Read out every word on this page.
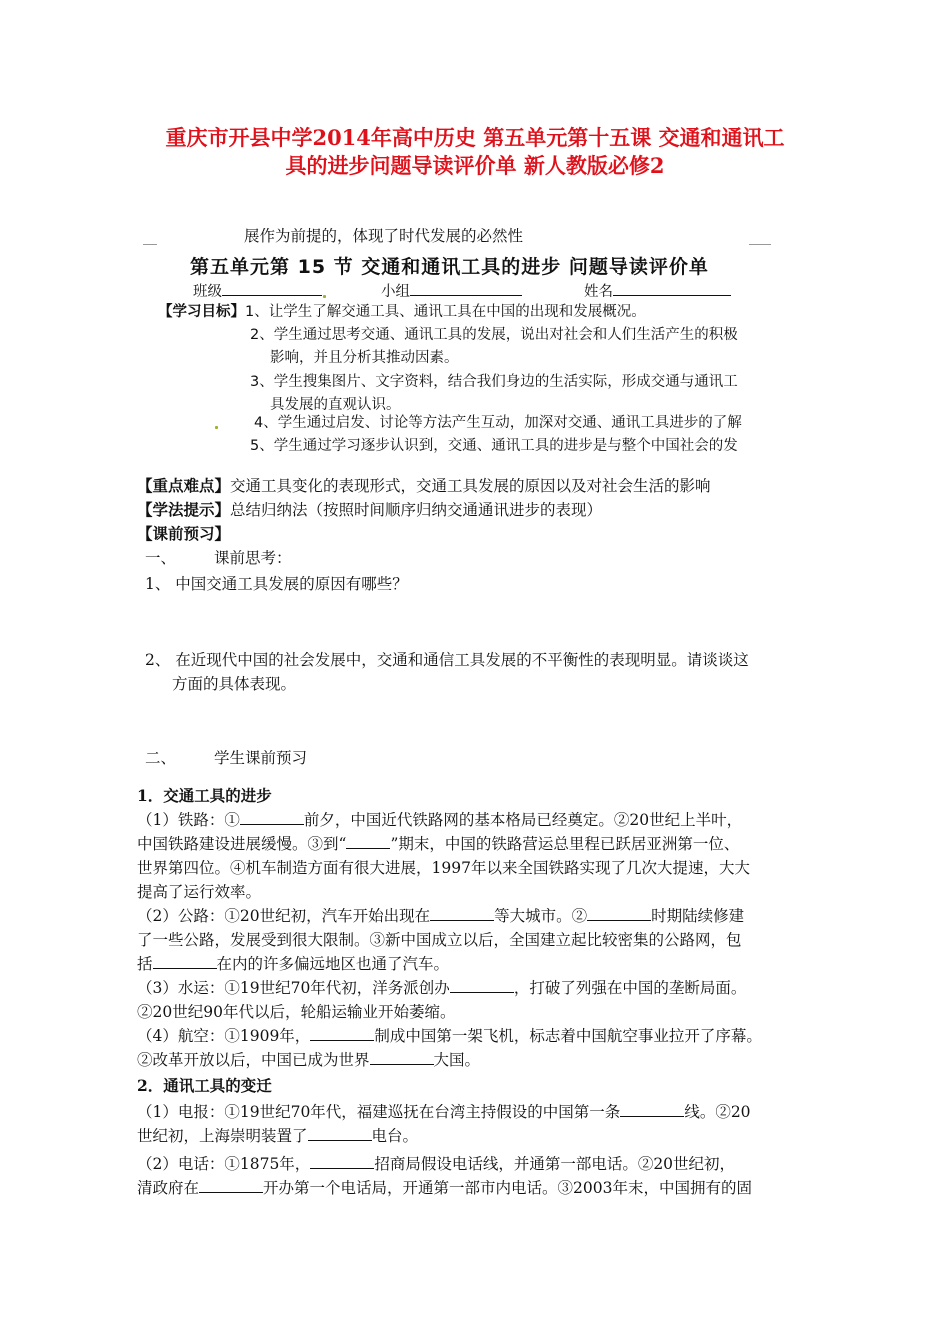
重庆市开县中学2014年高中历史 第五单元第十五课 交通和通讯工
具的进步问题导读评价单 新人教版必修2
展作为前提的，体现了时代发展的必然性
第五单元第 15 节 交通和通讯工具的进步 问题导读评价单
班级	小组	姓名
【学习目标】1、让学生了解交通工具、通讯工具在中国的出现和发展概况。
2、学生通过思考交通、通讯工具的发展，说出对社会和人们生活产生的积极
影响，并且分析其推动因素。
3、学生搜集图片、文字资料，结合我们身边的生活实际，形成交通与通讯工
具发展的直观认识。
4、学生通过启发、讨论等方法产生互动，加深对交通、通讯工具进步的了解
5、学生通过学习逐步认识到，交通、通讯工具的进步是与整个中国社会的发
【重点难点】交通工具变化的表现形式，交通工具发展的原因以及对社会生活的影响
【学法提示】总结归纳法（按照时间顺序归纳交通通讯进步的表现）
【课前预习】
一、 课前思考：
1、 中国交通工具发展的原因有哪些？
2、 在近现代中国的社会发展中，交通和通信工具发展的不平衡性的表现明显。请谈谈这
方面的具体表现。
二、 学生课前预习
1．交通工具的进步
（1）铁路：①	前夕，中国近代铁路网的基本格局已经奠定。②20世纪上半叶，
中国铁路建设进展缓慢。③到“	”期末，中国的铁路营运总里程已跃居亚洲第一位、
世界第四位。④机车制造方面有很大进展，1997年以来全国铁路实现了几次大提速，大大
提高了运行效率。
（2）公路：①20世纪初，汽车开始出现在	等大城市。②	时期陆续修建
了一些公路，发展受到很大限制。③新中国成立以后，全国建立起比较密集的公路网，包
括	在内的许多偏远地区也通了汽车。
（3）水运：①19世纪70年代初，洋务派创办	，打破了列强在中国的垄断局面。
②20世纪90年代以后，轮船运输业开始萎缩。
（4）航空：①1909年，	制成中国第一架飞机，标志着中国航空事业拉开了序幕。
②改革开放以后，中国已成为世界	大国。
2．通讯工具的变迁
（1）电报：①19世纪70年代，福建巡抚在台湾主持假设的中国第一条	线。②20
世纪初，上海崇明装置了	电台。
（2）电话：①1875年，	招商局假设电话线，并通第一部电话。②20世纪初，
清政府在	开办第一个电话局，开通第一部市内电话。③2003年末，中国拥有的固
